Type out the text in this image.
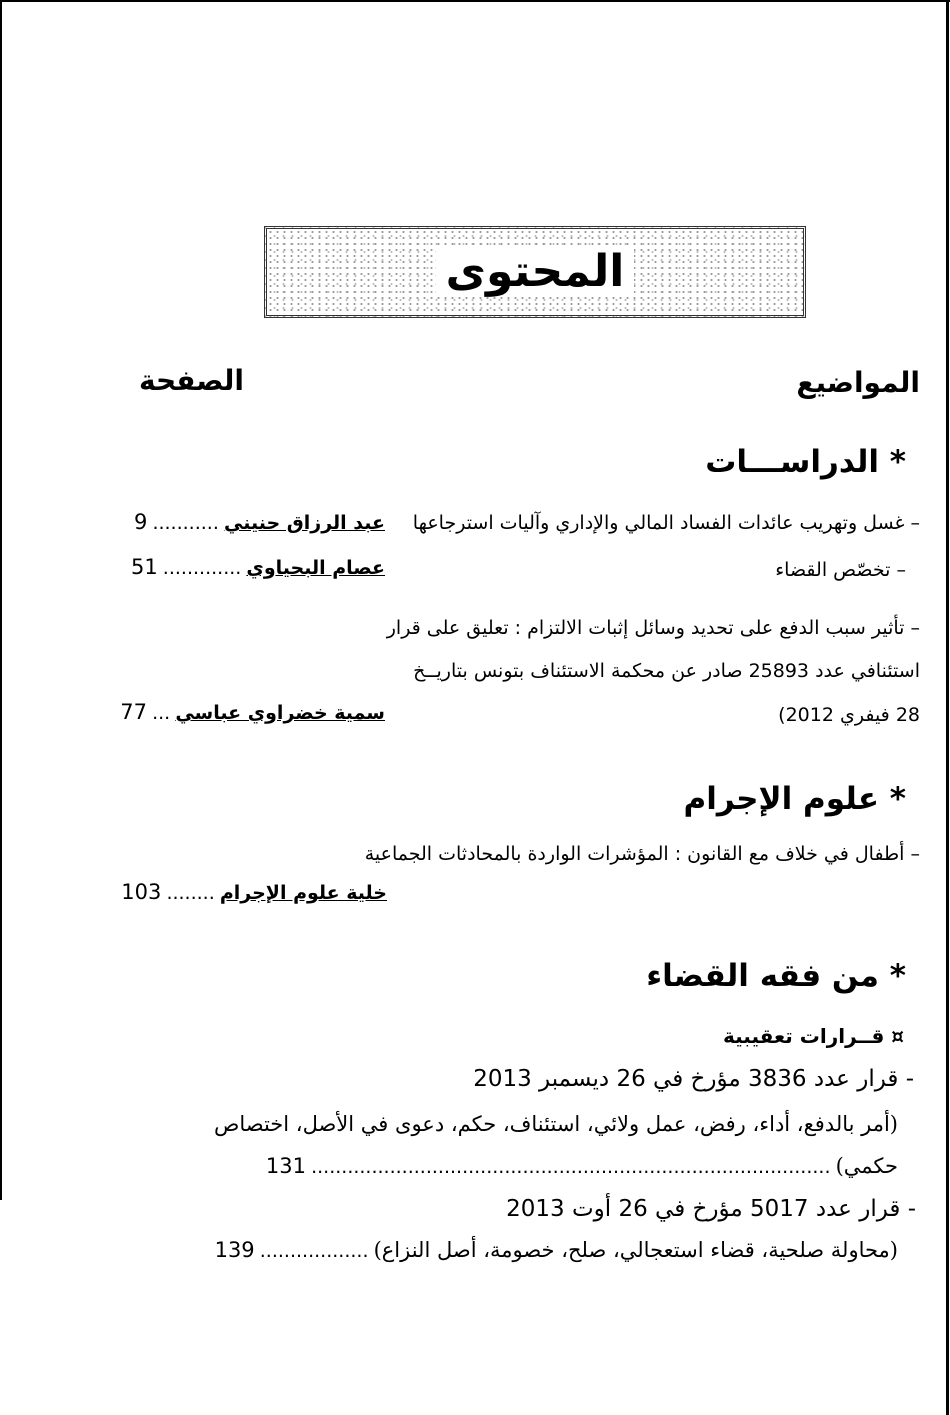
المحتوى
المواضيع
الصفحة
* الدراســـات
– غسل وتهريب عائدات الفساد المالي والإداري وآليات استرجاعها
عبد الرزاق حنيني ........... 9
– تخصّص القضاء
عصام البحياوي ............. 51
– تأثير سبب الدفع على تحديد وسائل إثبات الالتزام : تعليق على قرار
استئنافي عدد 25893 صادر عن محكمة الاستئناف بتونس بتاريــخ
28 فيفري 2012)
سمية خضراوي عباسي ... 77
* علوم الإجرام
– أطفال في خلاف مع القانون : المؤشرات الواردة بالمحادثات الجماعية
خلية علوم الإجرام ........ 103
* من فقه القضاء
¤ قــرارات تعقيبية
- قرار عدد 3836 مؤرخ في 26 ديسمبر 2013
(أمر بالدفع، أداء، رفض، عمل ولائي، استئناف، حكم، دعوى في الأصل، اختصاص
حكمي) ...................................................................................... 131
- قرار عدد 5017 مؤرخ في 26 أوت 2013
(محاولة صلحية، قضاء استعجالي، صلح، خصومة، أصل النزاع) .................. 139
